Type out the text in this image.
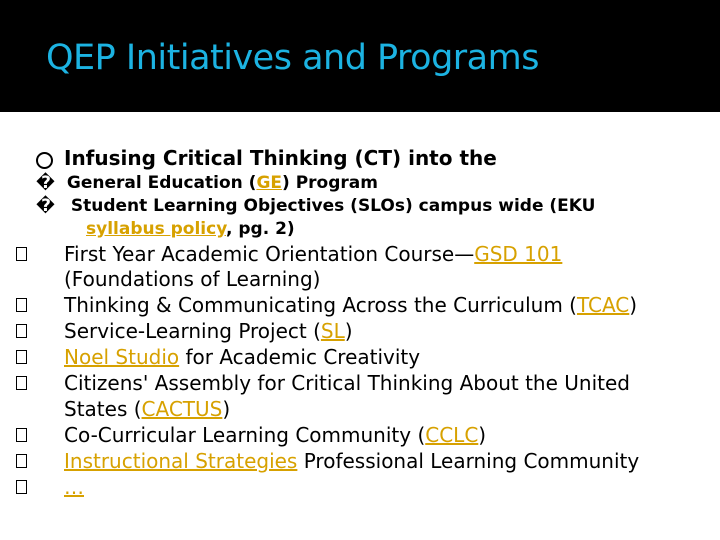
QEP Initiatives and Programs
Infusing Critical Thinking (CT) into the
� General Education (GE) Program
� Student Learning Objectives (SLOs) campus wide (EKU
syllabus policy, pg. 2)
First Year Academic Orientation Course—GSD 101
(Foundations of Learning)
Thinking & Communicating Across the Curriculum (TCAC)
Service-Learning Project (SL)
Noel Studio for Academic Creativity
Citizens' Assembly for Critical Thinking About the United
States (CACTUS)
Co-Curricular Learning Community (CCLC)
Instructional Strategies Professional Learning Community
…
